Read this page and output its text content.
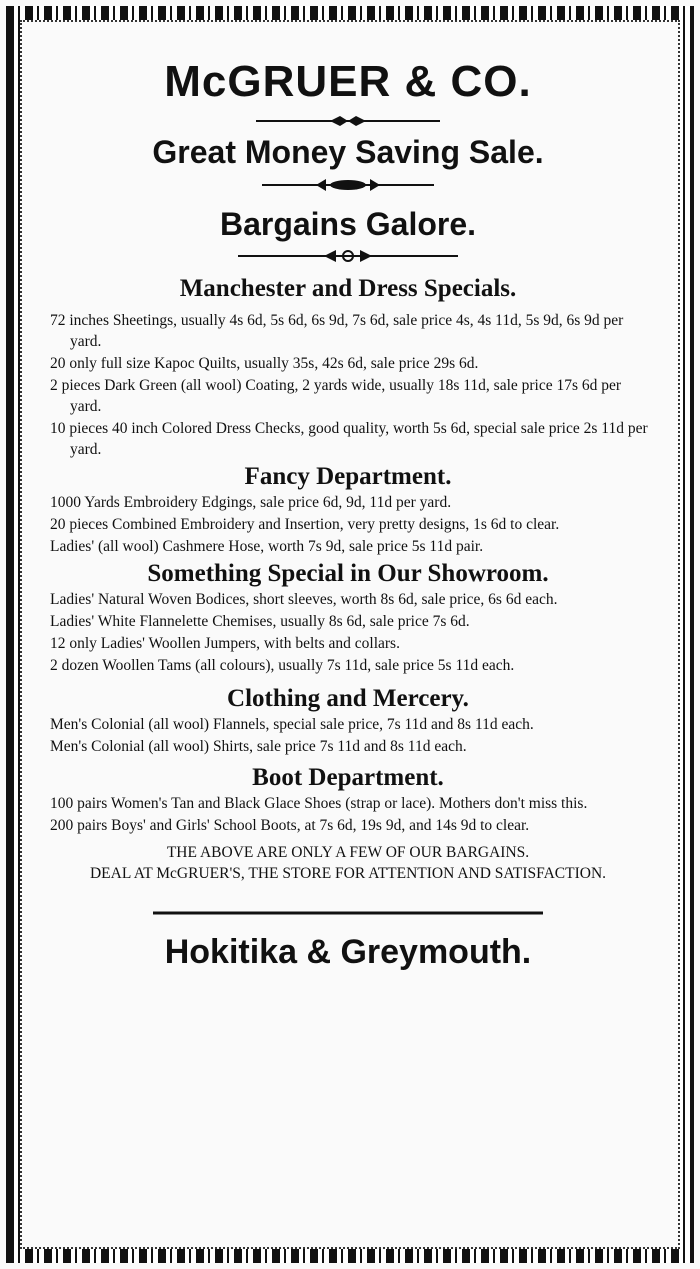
McGRUER & CO.
Great Money Saving Sale.
Bargains Galore.
Manchester and Dress Specials.

72 inches Sheetings, usually 4s 6d, 5s 6d, 6s 9d, 7s 6d, sale price 4s, 4s 11d, 5s 9d, 6s 9d per yard.

20 only full size Kapoc Quilts, usually 35s, 42s 6d, sale price 29s 6d.

2 pieces Dark Green (all wool) Coating, 2 yards wide, usually 18s 11d, sale price 17s 6d per yard.

10 pieces 40 inch Colored Dress Checks, good quality, worth 5s 6d, special sale price 2s 11d per yard.

Fancy Department.

1000 Yards Embroidery Edgings, sale price 6d, 9d, 11d per yard.

20 pieces Combined Embroidery and Insertion, very pretty designs, 1s 6d to clear.

Ladies' (all wool) Cashmere Hose, worth 7s 9d, sale price 5s 11d pair.

Something Special in Our Showroom.

Ladies' Natural Woven Bodices, short sleeves, worth 8s 6d, sale price, 6s 6d each.

Ladies' White Flannelette Chemises, usually 8s 6d, sale price 7s 6d.

12 only Ladies' Woollen Jumpers, with belts and collars.

2 dozen Woollen Tams (all colours), usually 7s 11d, sale price 5s 11d each.

Clothing and Mercery.

Men's Colonial (all wool) Flannels, special sale price, 7s 11d and 8s 11d each.

Men's Colonial (all wool) Shirts, sale price 7s 11d and 8s 11d each.

Boot Department.

100 pairs Women's Tan and Black Glace Shoes (strap or lace). Mothers don't miss this.

200 pairs Boys' and Girls' School Boots, at 7s 6d, 19s 9d, and 14s 9d to clear.

THE ABOVE ARE ONLY A FEW OF OUR BARGAINS.
DEAL AT McGRUER'S, THE STORE FOR ATTENTION AND SATISFACTION.
Hokitika & Greymouth.
